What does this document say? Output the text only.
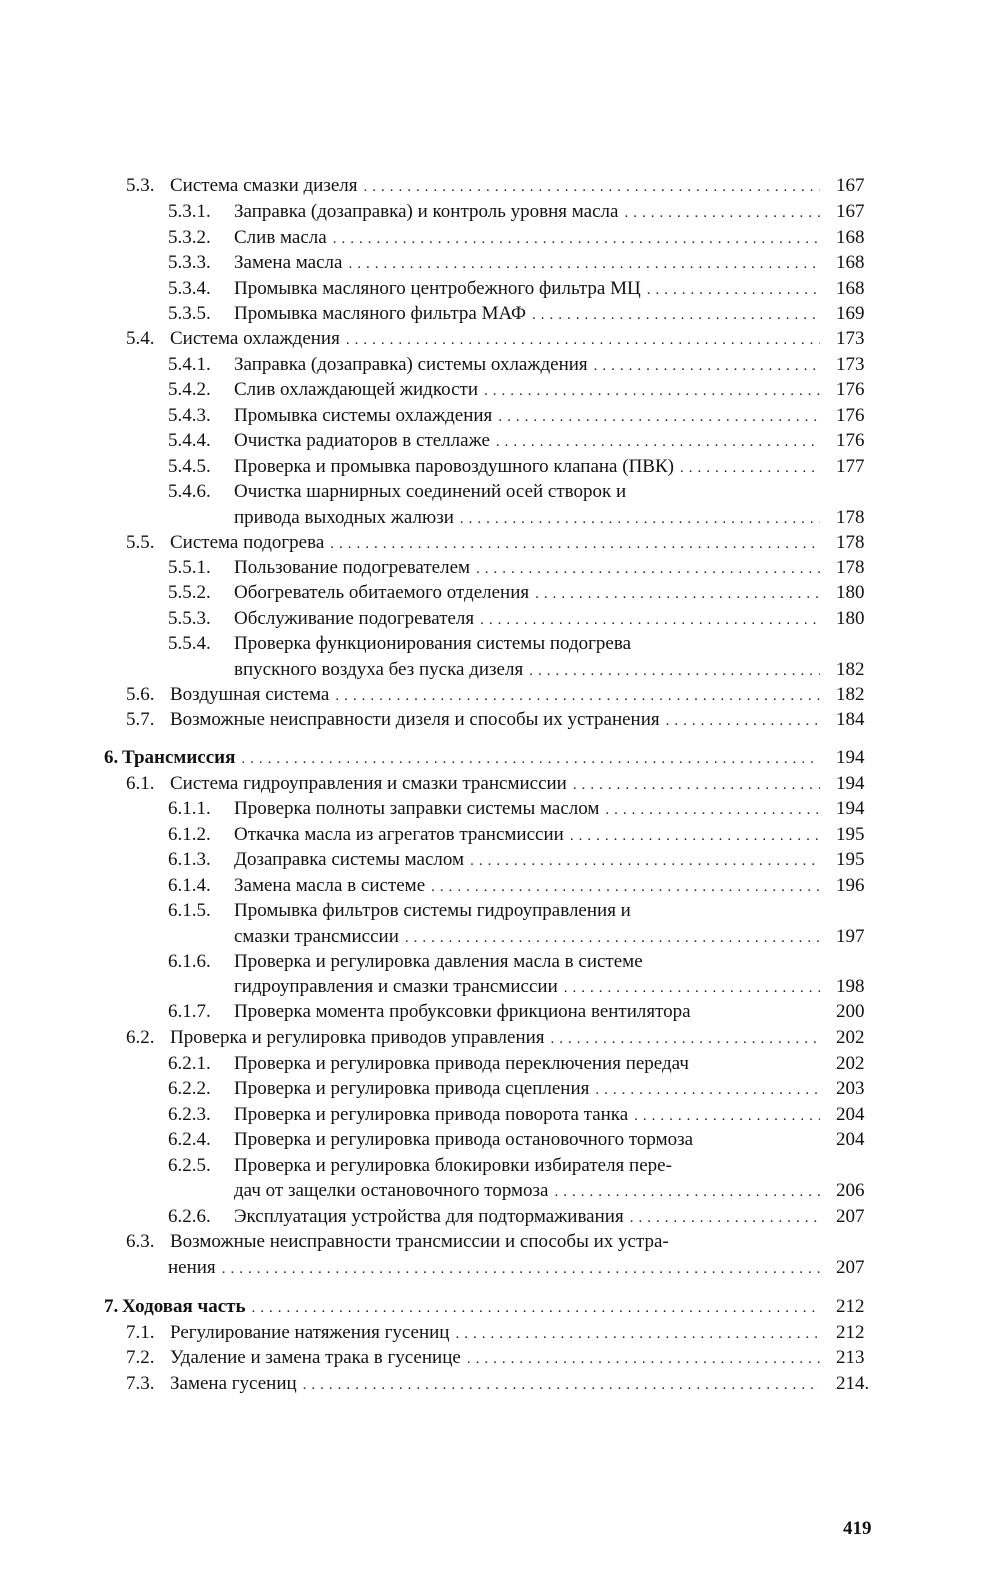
5.3. Система смазки дизеля .....	167
5.3.1.	Заправка (дозаправка) и контроль уровня масла .....	167
5.3.2.	Слив масла .....	168
5.3.3.	Замена масла .....	168
5.3.4.	Промывка масляного центробежного фильтра МЦ .....	168
5.3.5.	Промывка масляного фильтра МАФ .....	169
5.4. Система охлаждения .....	173
5.4.1.	Заправка (дозаправка) системы охлаждения .....	173
5.4.2.	Слив охлаждающей жидкости .....	176
5.4.3.	Промывка системы охлаждения .....	176
5.4.4.	Очистка радиаторов в стеллаже .....	176
5.4.5.	Проверка и промывка паровоздушного клапана (ПВК) .....	177
5.4.6.	Очистка шарнирных соединений осей створок и
привода выходных жалюзи .....	178
5.5. Система подогрева .....	178
5.5.1.	Пользование подогревателем .....	178
5.5.2.	Обогреватель обитаемого отделения .....	180
5.5.3.	Обслуживание подогревателя .....	180
5.5.4.	Проверка функционирования системы подогрева
впускного воздуха без пуска дизеля .....	182
5.6. Воздушная система .....	182
5.7. Возможные неисправности дизеля и способы их устранения .....	184
6. Трансмиссия .....	194
6.1. Система гидроуправления и смазки трансмиссии .....	194
6.1.1.	Проверка полноты заправки системы маслом .....	194
6.1.2.	Откачка масла из агрегатов трансмиссии .....	195
6.1.3.	Дозаправка системы маслом .....	195
6.1.4.	Замена масла в системе .....	196
6.1.5.	Промывка фильтров системы гидроуправления и
смазки трансмиссии .....	197
6.1.6.	Проверка и регулировка давления масла в системе
гидроуправления и смазки трансмиссии .....	198
6.1.7.	Проверка момента пробуксовки фрикциона вентилятора	200
6.2. Проверка и регулировка приводов управления .....	202
6.2.1.	Проверка и регулировка привода переключения передач	202
6.2.2.	Проверка и регулировка привода сцепления .....	203
6.2.3.	Проверка и регулировка привода поворота танка .....	204
6.2.4.	Проверка и регулировка привода остановочного тормоза	204
6.2.5.	Проверка и регулировка блокировки избирателя пере-
дач от защелки остановочного тормоза .....	206
6.2.6.	Эксплуатация устройства для подтормаживания .....	207
6.3. Возможные неисправности трансмиссии и способы их устра-
нения .....	207
7. Ходовая часть .....	212
7.1. Регулирование натяжения гусениц .....	212
7.2. Удаление и замена трака в гусенице .....	213
7.3. Замена гусениц .....	214.
419
